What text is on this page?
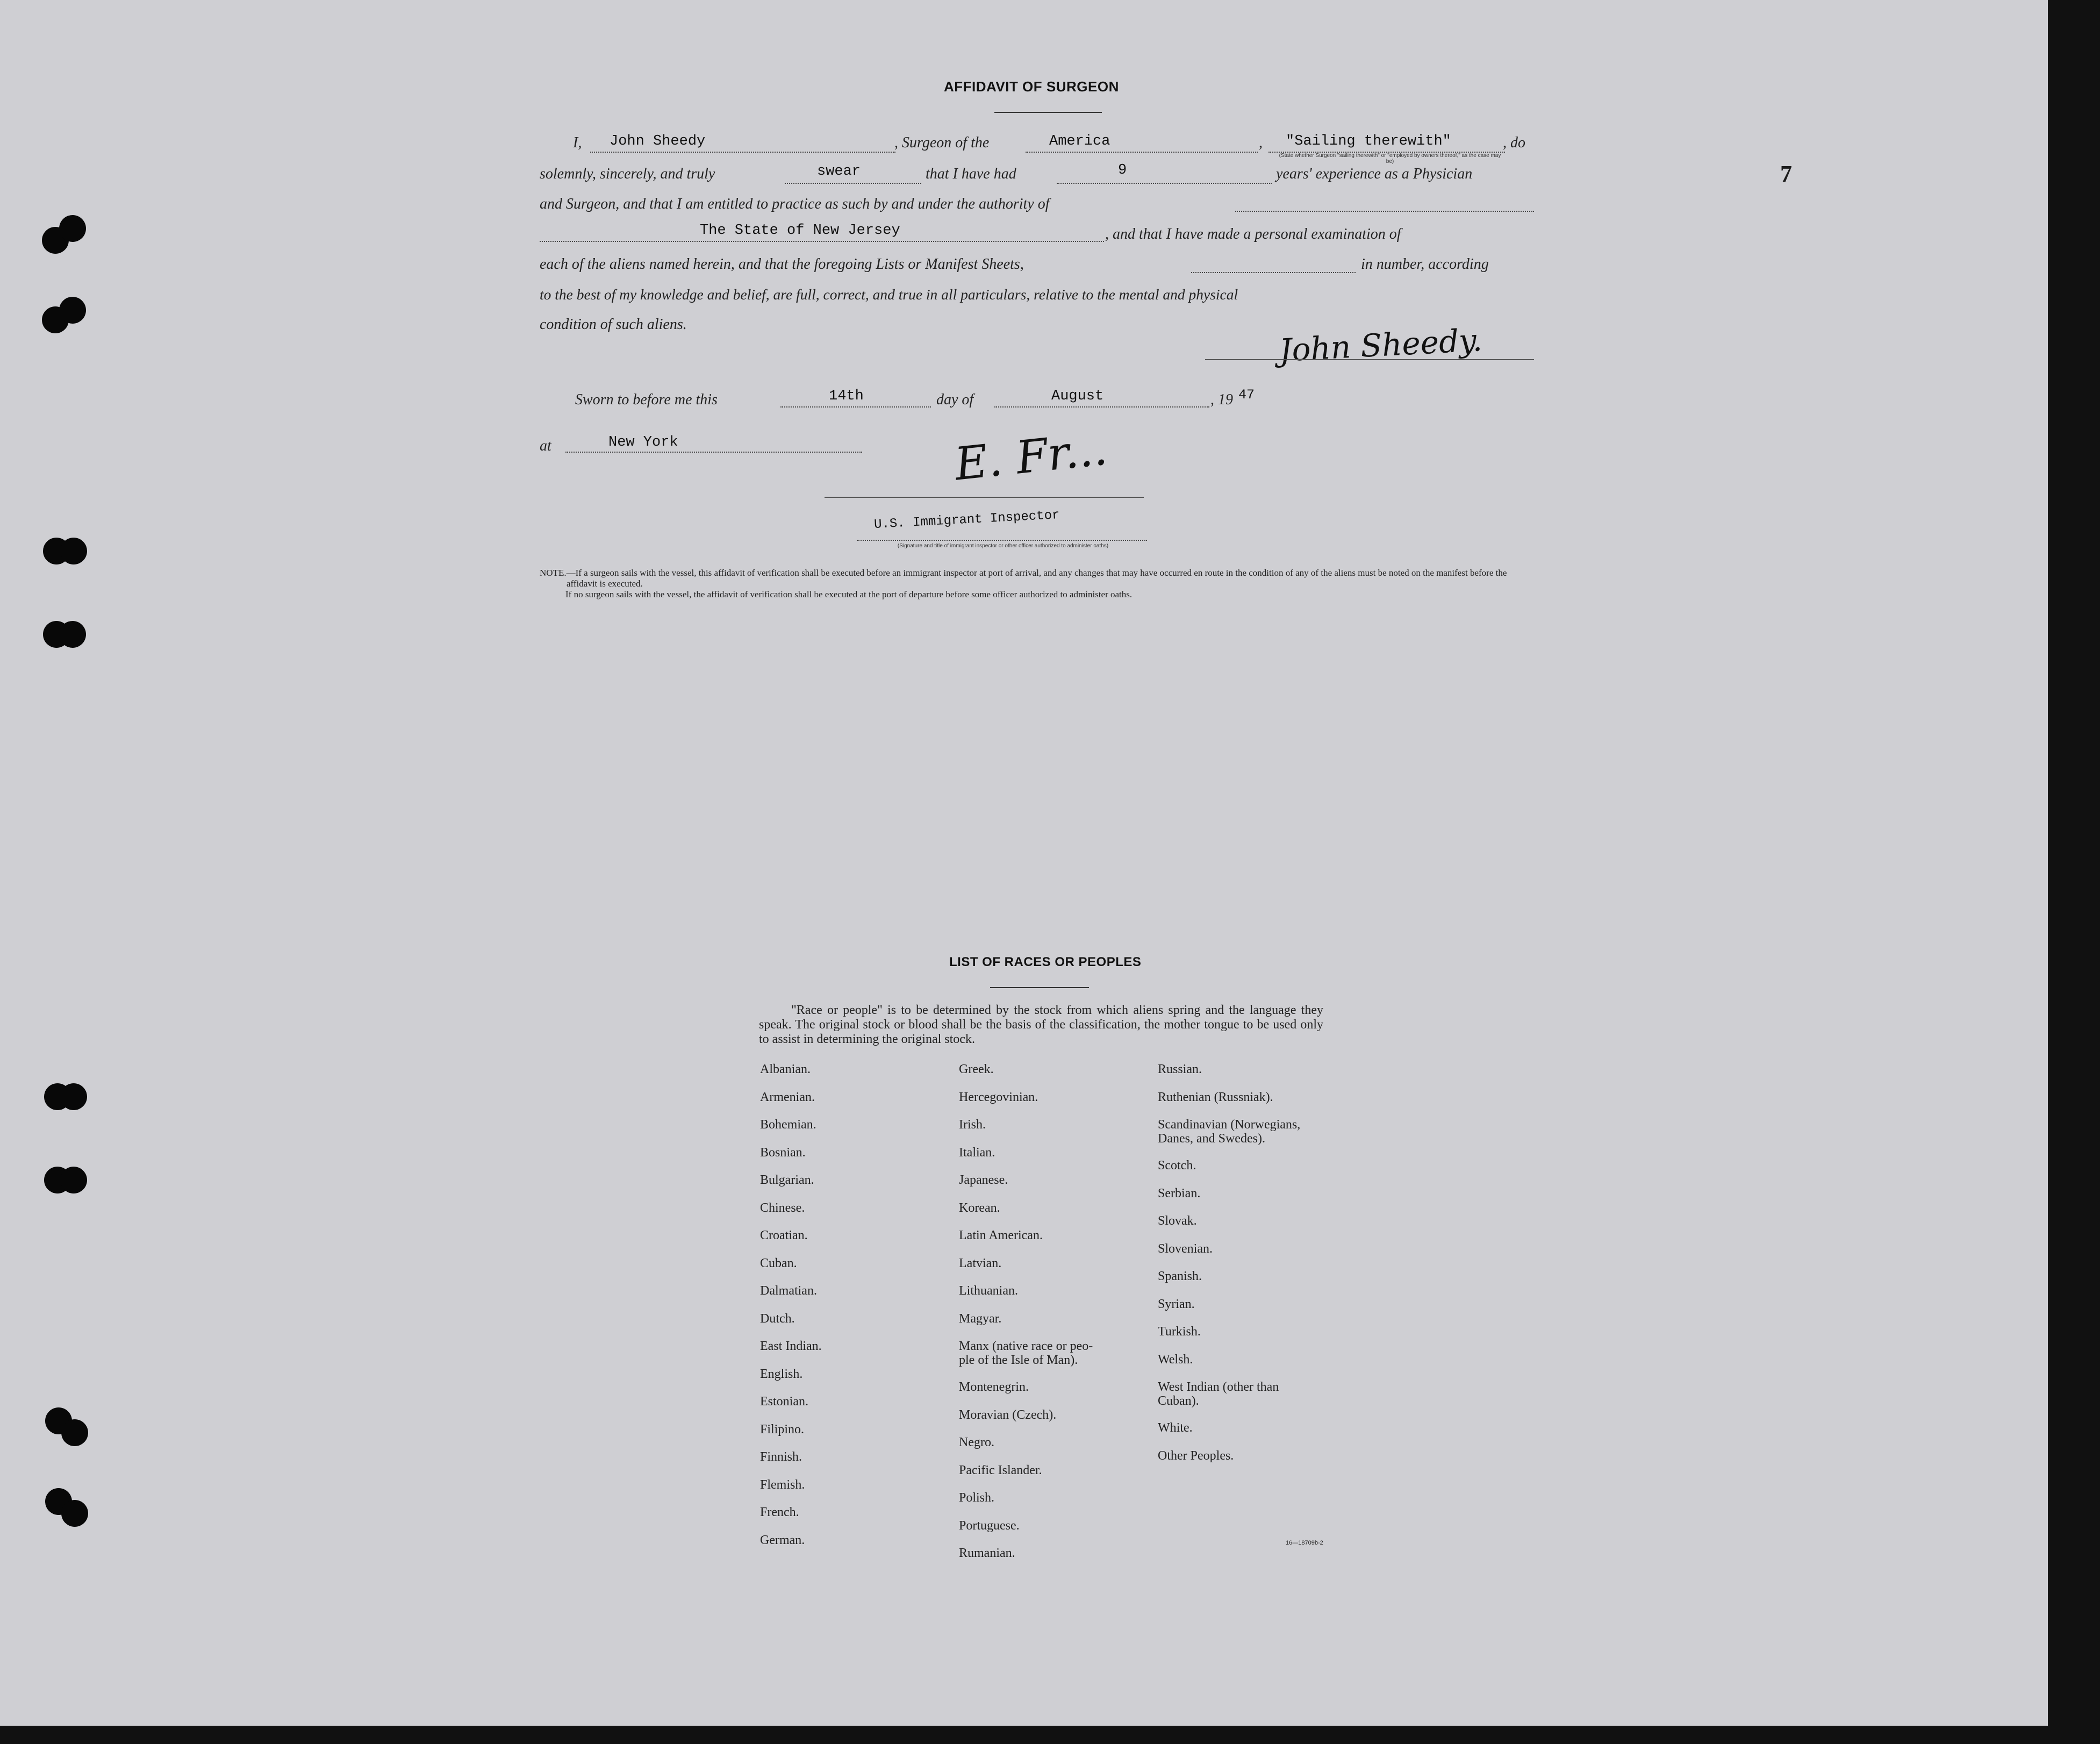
7
AFFIDAVIT OF SURGEON
I, John Sheedy	, Surgeon of the	America	, "Sailing therewith"	, do
(State whether Surgeon "sailing therewith" or "employed by owners thereof," as the case may be)
solemnly, sincerely, and truly	swear	that I have had	9	years' experience as a Physician
and Surgeon, and that I am entitled to practice as such by and under the authority of
The State of New Jersey	, and that I have made a personal examination of
each of the aliens named herein, and that the foregoing Lists or Manifest Sheets,	in number, according
to the best of my knowledge and belief, are full, correct, and true in all particulars, relative to the mental and physical
condition of such aliens.	John Sheedy.
Sworn to before me this	14th	day of	August	, 19 47
at	New York	E. Fr...
U.S. Immigrant Inspector
(Signature and title of immigrant inspector or other officer authorized to administer oaths)
NOTE.—If a surgeon sails with the vessel, this affidavit of verification shall be executed before an immigrant inspector at port of arrival, and any changes that may have occurred en route in the condition of any of the aliens must be noted on the manifest before the affidavit is executed.
If no surgeon sails with the vessel, the affidavit of verification shall be executed at the port of departure before some officer authorized to administer oaths.
LIST OF RACES OR PEOPLES
"Race or people" is to be determined by the stock from which aliens spring and the language they speak. The original stock or blood shall be the basis of the classification, the mother tongue to be used only to assist in determining the original stock.
Albanian.
Armenian.
Bohemian.
Bosnian.
Bulgarian.
Chinese.
Croatian.
Cuban.
Dalmatian.
Dutch.
East Indian.
English.
Estonian.
Filipino.
Finnish.
Flemish.
French.
German.
Greek.
Hercegovinian.
Irish.
Italian.
Japanese.
Korean.
Latin American.
Latvian.
Lithuanian.
Magyar.
Manx (native race or peo-
ple of the Isle of Man).
Montenegrin.
Moravian (Czech).
Negro.
Pacific Islander.
Polish.
Portuguese.
Rumanian.
Russian.
Ruthenian (Russniak).
Scandinavian (Norwegians,
Danes, and Swedes).
Scotch.
Serbian.
Slovak.
Slovenian.
Spanish.
Syrian.
Turkish.
Welsh.
West Indian (other than
Cuban).
White.
Other Peoples.
16—18709b-2
